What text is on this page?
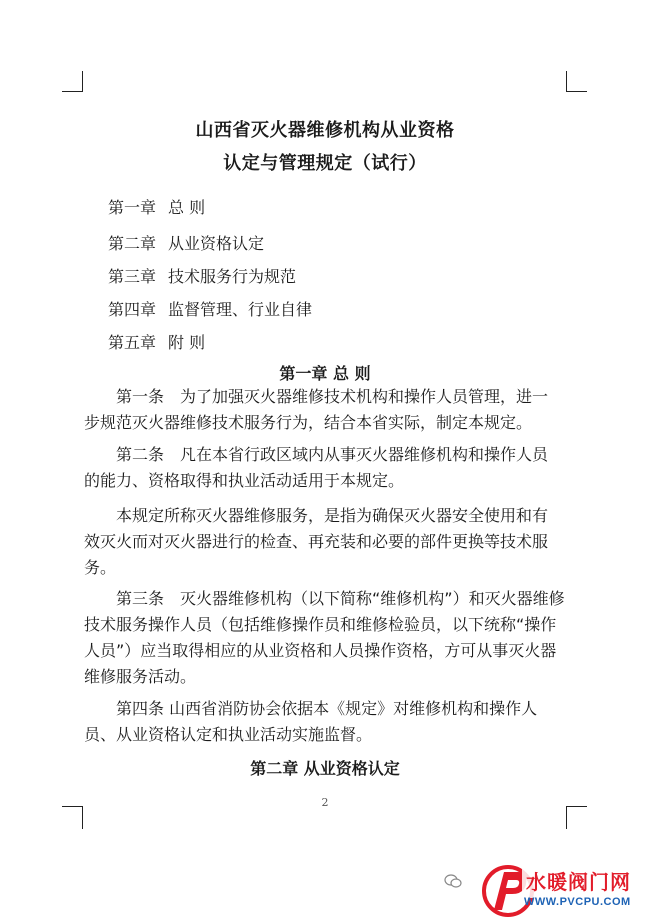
山西省灭火器维修机构从业资格
认定与管理规定（试行）
第一章 总 则
第二章 从业资格认定
第三章 技术服务行为规范
第四章 监督管理、行业自律
第五章 附 则
第一章 总 则
第一条　为了加强灭火器维修技术机构和操作人员管理，进一
步规范灭火器维修技术服务行为，结合本省实际，制定本规定。
第二条　凡在本省行政区域内从事灭火器维修机构和操作人员
的能力、资格取得和执业活动适用于本规定。
本规定所称灭火器维修服务，是指为确保灭火器安全使用和有
效灭火而对灭火器进行的检查、再充装和必要的部件更换等技术服
务。
第三条　灭火器维修机构（以下简称“维修机构”）和灭火器维修
技术服务操作人员（包括维修操作员和维修检验员，以下统称“操作
人员”）应当取得相应的从业资格和人员操作资格，方可从事灭火器
维修服务活动。
第四条 山西省消防协会依据本《规定》对维修机构和操作人
员、从业资格认定和执业活动实施监督。
第二章 从业资格认定
2
水暖阀门网
WWW.PVCPU.COM
